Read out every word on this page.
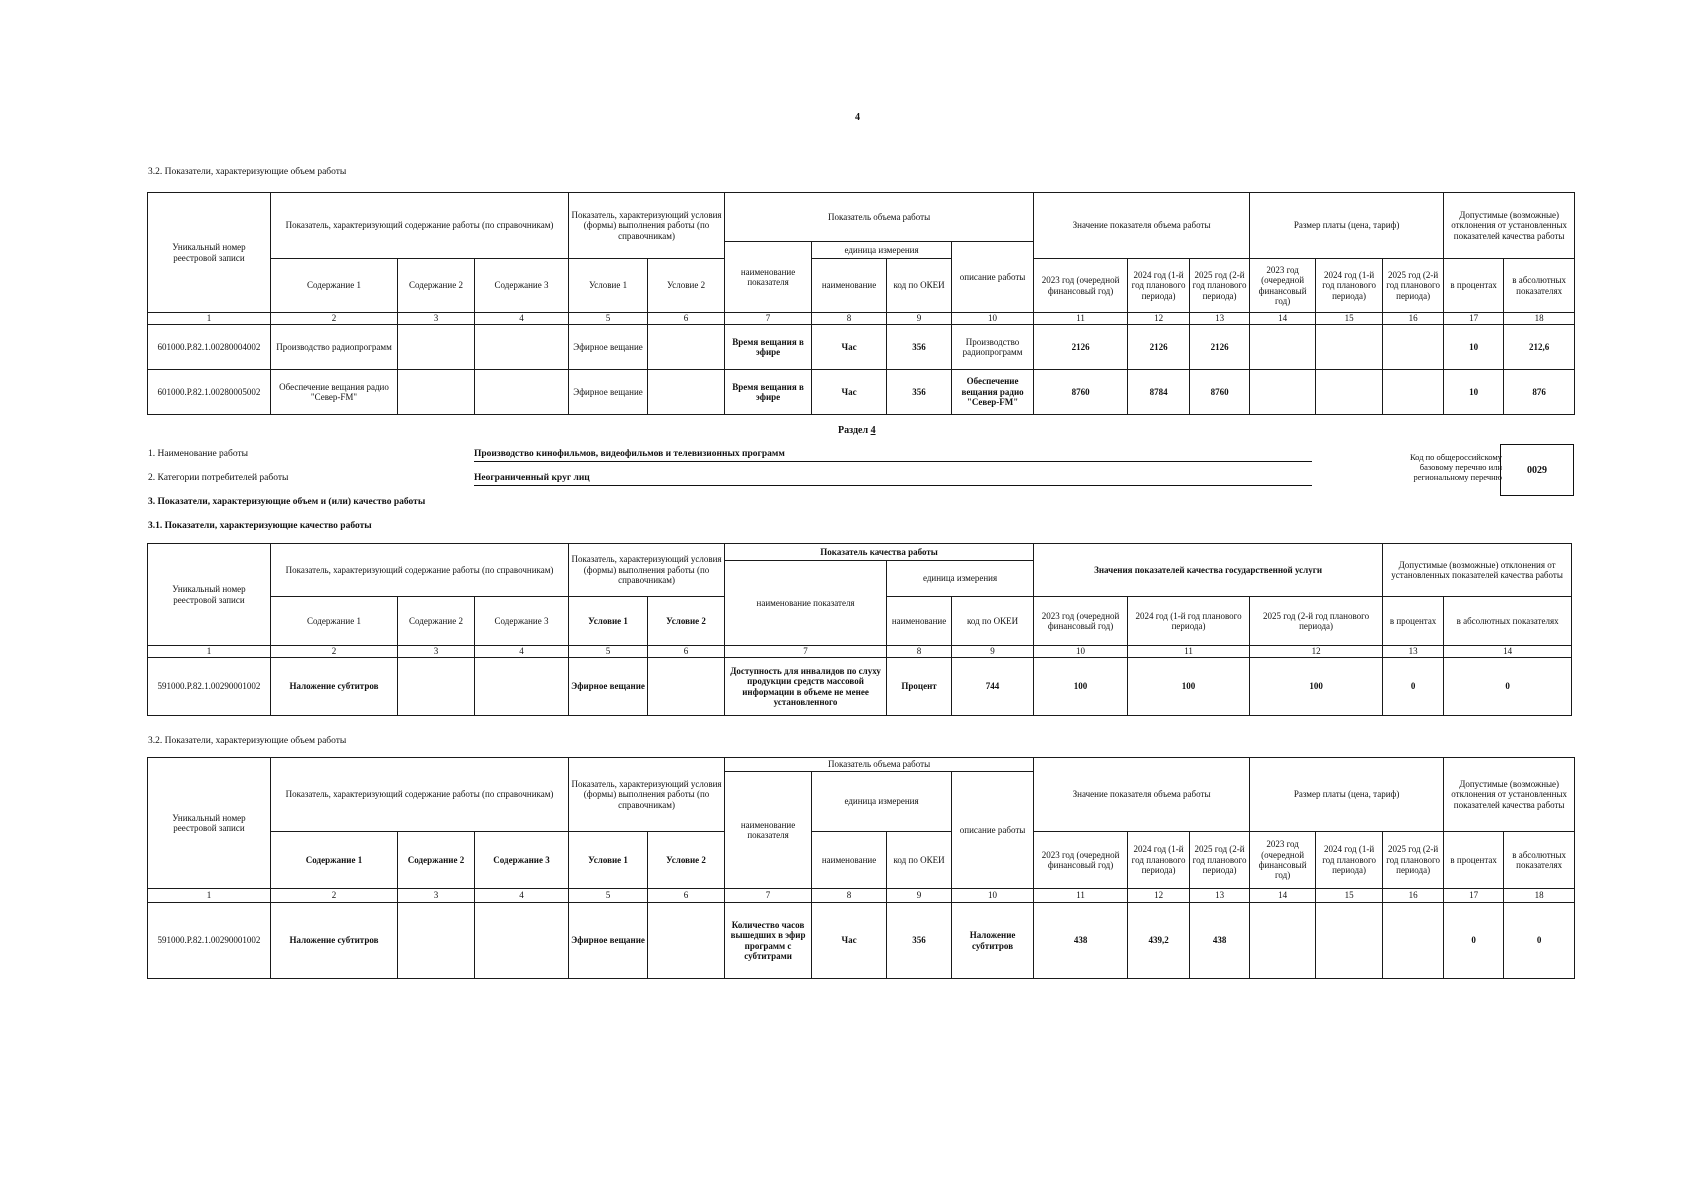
4
3.2. Показатели, характеризующие объем работы
Уникальный номер реестровой записи	Показатель, характеризующий содержание работы (по справочникам)			Показатель, характеризующий условия (формы) выполнения работы (по справочникам)		Показатель объема работы				Значение показателя объема работы			Размер платы (цена, тариф)			Допустимые (возможные) отклонения от установленных показателей качества работы	
						наименование показателя	единица измерения		описание работы								
	Содержание 1	Содержание 2	Содержание 3	Условие 1	Условие 2		наименование	код по ОКЕИ		2023 год (очередной финансовый год)	2024 год (1-й год планового периода)	2025 год (2-й год планового периода)	2023 год (очередной финансовый год)	2024 год (1-й год планового периода)	2025 год (2-й год планового периода)	в процентах	в абсолютных показателях
1	2	3	4	5	6	7	8	9	10	11	12	13	14	15	16	17	18
601000.Р.82.1.00280004002	Производство радиопрограмм			Эфирное вещание		Время вещания в эфире	Час	356	Производство радиопрограмм	2126	2126	2126				10	212,6
601000.Р.82.1.00280005002	Обеспечение вещания радио "Север-FM"			Эфирное вещание		Время вещания в эфире	Час	356	Обеспечение вещания радио "Север-FM"	8760	8784	8760				10	876
Раздел 4
1. Наименование работы	Производство кинофильмов, видеофильмов и телевизионных программ
2. Категории потребителей работы	Неограниченный круг лиц
Код по общероссийскому базовому перечню или региональному перечню
0029
3. Показатели, характеризующие объем и (или) качество работы
3.1. Показатели, характеризующие качество работы
Уникальный номер реестровой записи	Показатель, характеризующий содержание работы (по справочникам)			Показатель, характеризующий условия (формы) выполнения работы (по справочникам)		Показатель качества работы			Значения показателей качества государственной услуги			Допустимые (возможные) отклонения от установленных показателей качества работы	
						наименование показателя	единица измерения						
	Содержание 1	Содержание 2	Содержание 3	Условие 1	Условие 2		наименование	код по ОКЕИ	2023 год (очередной финансовый год)	2024 год (1-й год планового периода)	2025 год (2-й год планового периода)	в процентах	в абсолютных показателях
1	2	3	4	5	6	7	8	9	10	11	12	13	14
591000.Р.82.1.00290001002	Наложение субтитров			Эфирное вещание		Доступность для инвалидов по слуху продукции средств массовой информации в объеме не менее установленного	Процент	744	100	100	100	0	0
3.2. Показатели, характеризующие объем работы
Уникальный номер реестровой записи	Показатель, характеризующий содержание работы (по справочникам)			Показатель, характеризующий условия (формы) выполнения работы (по справочникам)		Показатель объема работы				Значение показателя объема работы			Размер платы (цена, тариф)			Допустимые (возможные) отклонения от установленных показателей качества работы	
						наименование показателя	единица измерения		описание работы								
	Содержание 1	Содержание 2	Содержание 3	Условие 1	Условие 2		наименование	код по ОКЕИ		2023 год (очередной финансовый год)	2024 год (1-й год планового периода)	2025 год (2-й год планового периода)	2023 год (очередной финансовый год)	2024 год (1-й год планового периода)	2025 год (2-й год планового периода)	в процентах	в абсолютных показателях
1	2	3	4	5	6	7	8	9	10	11	12	13	14	15	16	17	18
591000.Р.82.1.00290001002	Наложение субтитров			Эфирное вещание		Количество часов вышедших в эфир программ с субтитрами	Час	356	Наложение субтитров	438	439,2	438				0	0
